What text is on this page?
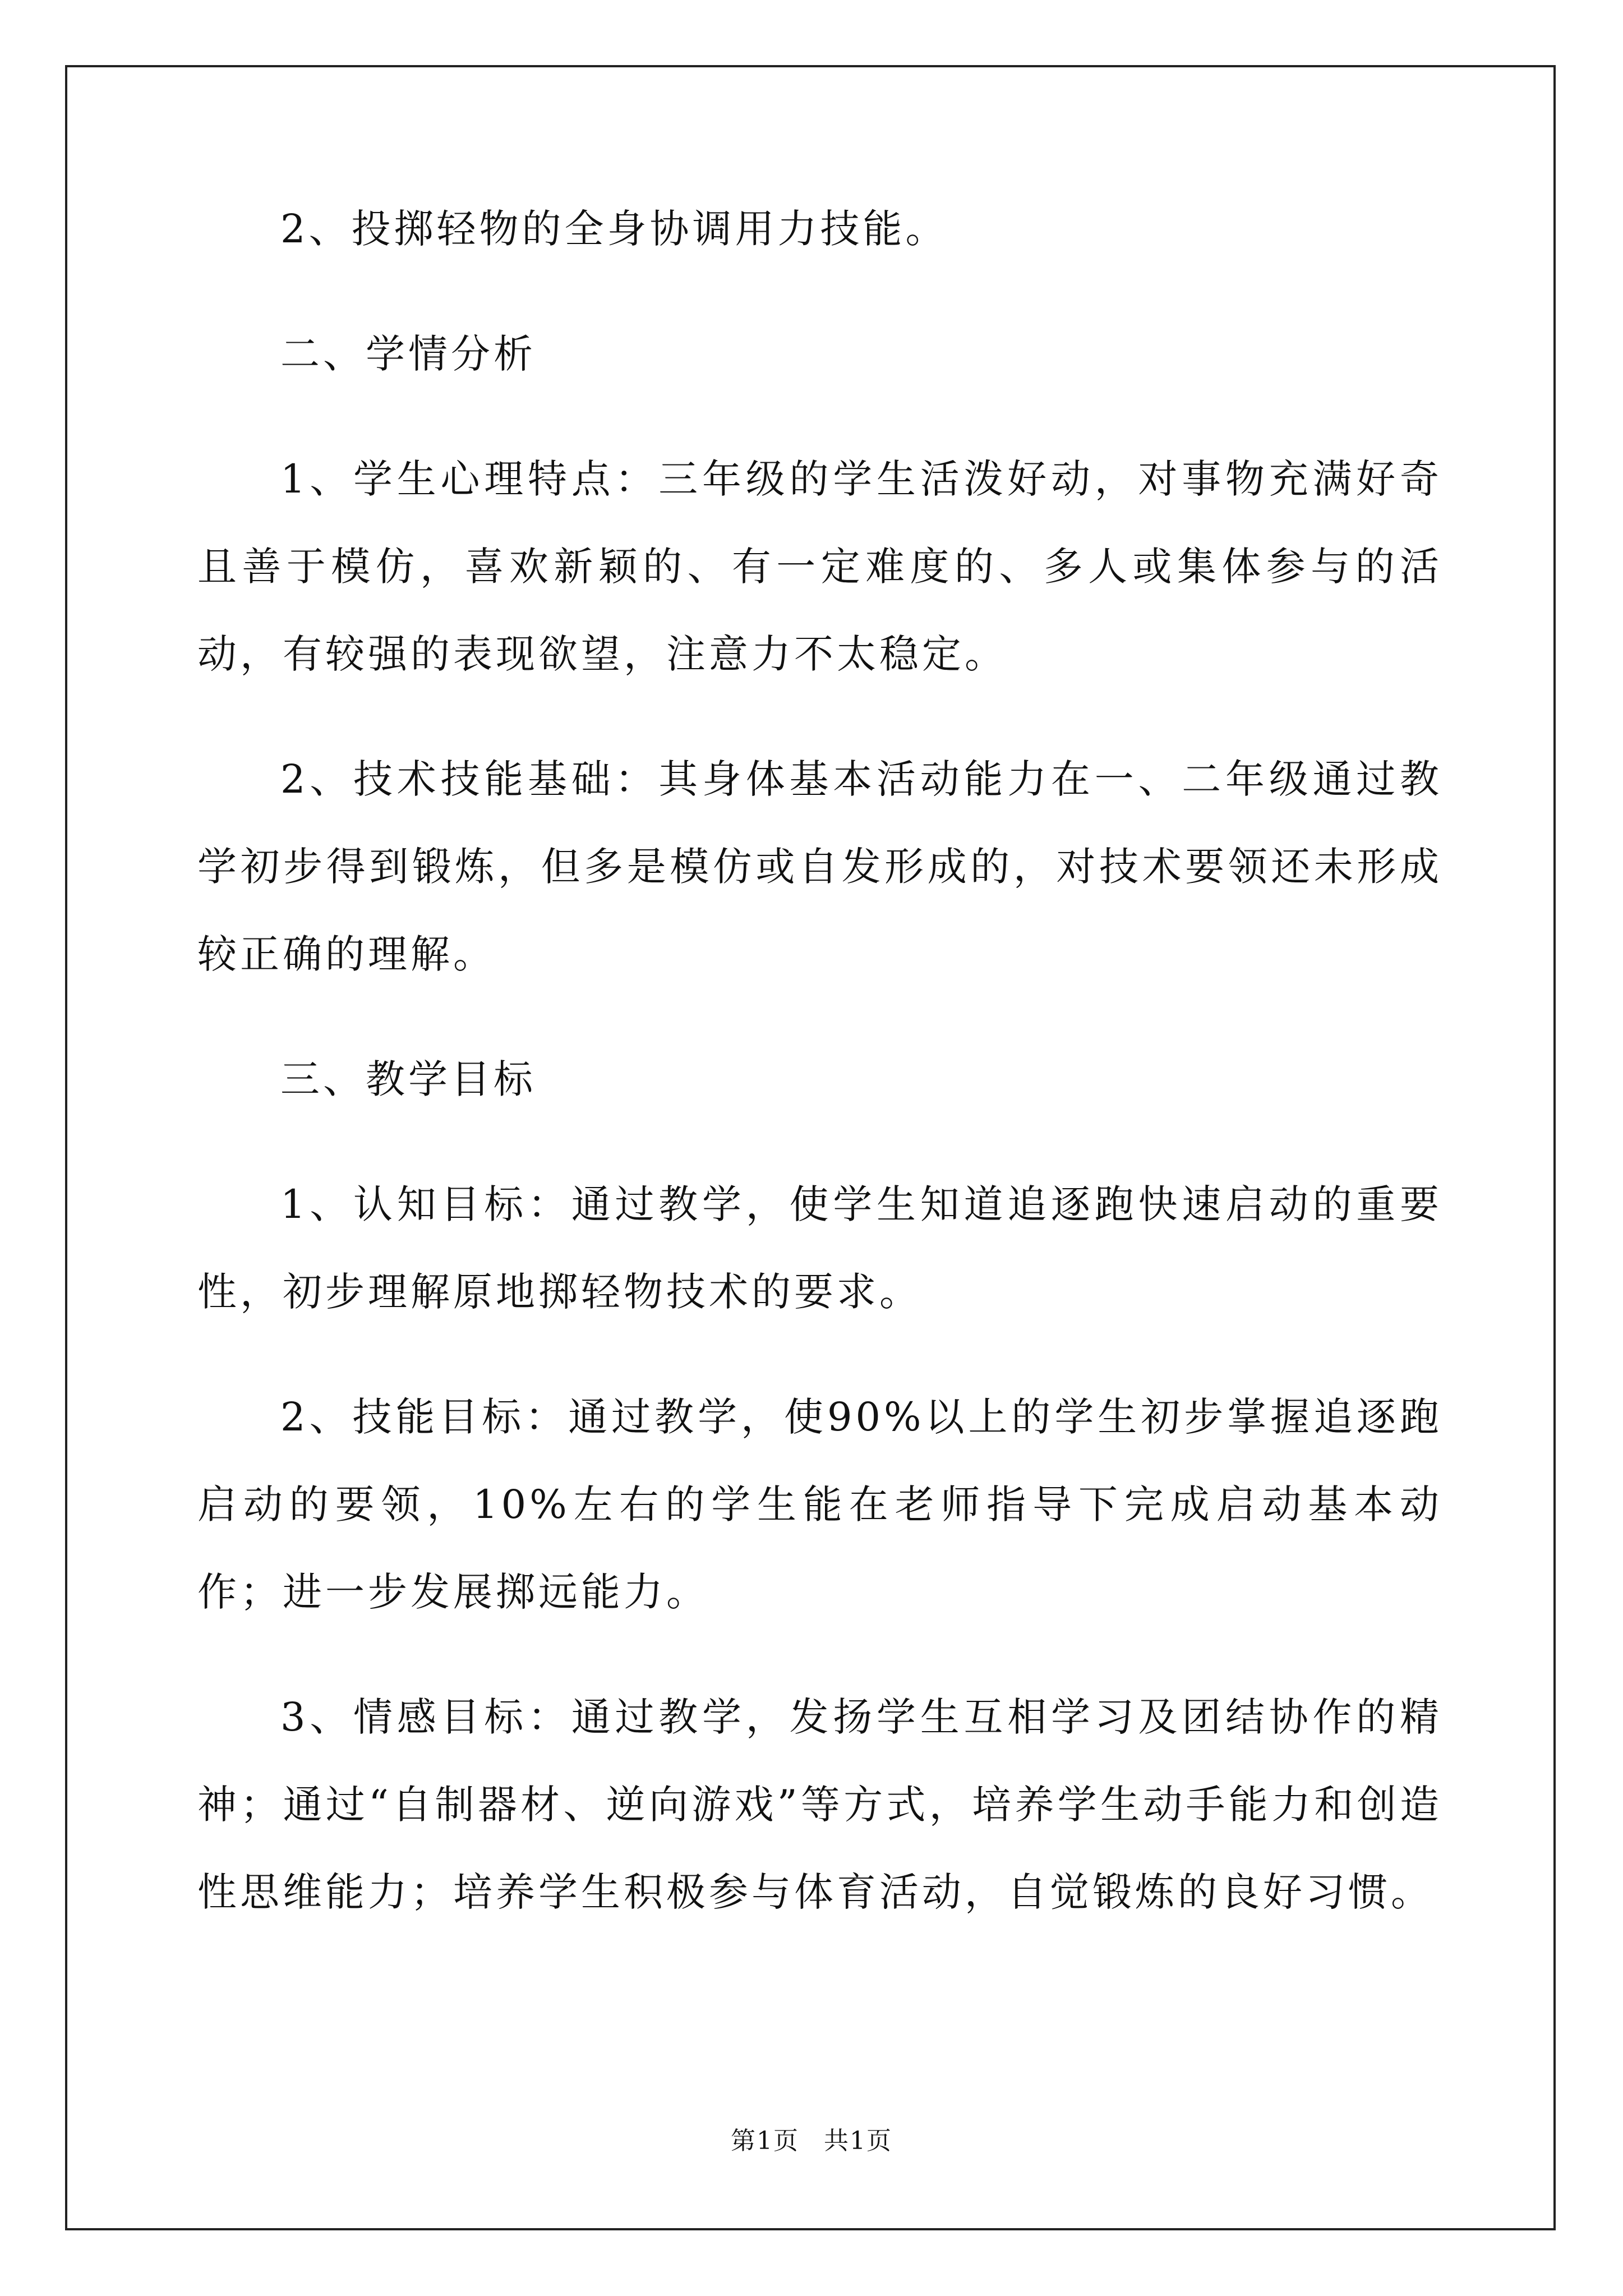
2、投掷轻物的全身协调用力技能。

二、学情分析

1、学生心理特点：三年级的学生活泼好动，对事物充满好奇且善于模仿，喜欢新颖的、有一定难度的、多人或集体参与的活动，有较强的表现欲望，注意力不太稳定。

2、技术技能基础：其身体基本活动能力在一、二年级通过教学初步得到锻炼，但多是模仿或自发形成的，对技术要领还未形成较正确的理解。

三、教学目标

1、认知目标：通过教学，使学生知道追逐跑快速启动的重要性，初步理解原地掷轻物技术的要求。

2、技能目标：通过教学，使90%以上的学生初步掌握追逐跑启动的要领，10%左右的学生能在老师指导下完成启动基本动作；进一步发展掷远能力。

3、情感目标：通过教学，发扬学生互相学习及团结协作的精神；通过“自制器材、逆向游戏”等方式，培养学生动手能力和创造性思维能力；培养学生积极参与体育活动，自觉锻炼的良好习惯。

第1页 共1页
